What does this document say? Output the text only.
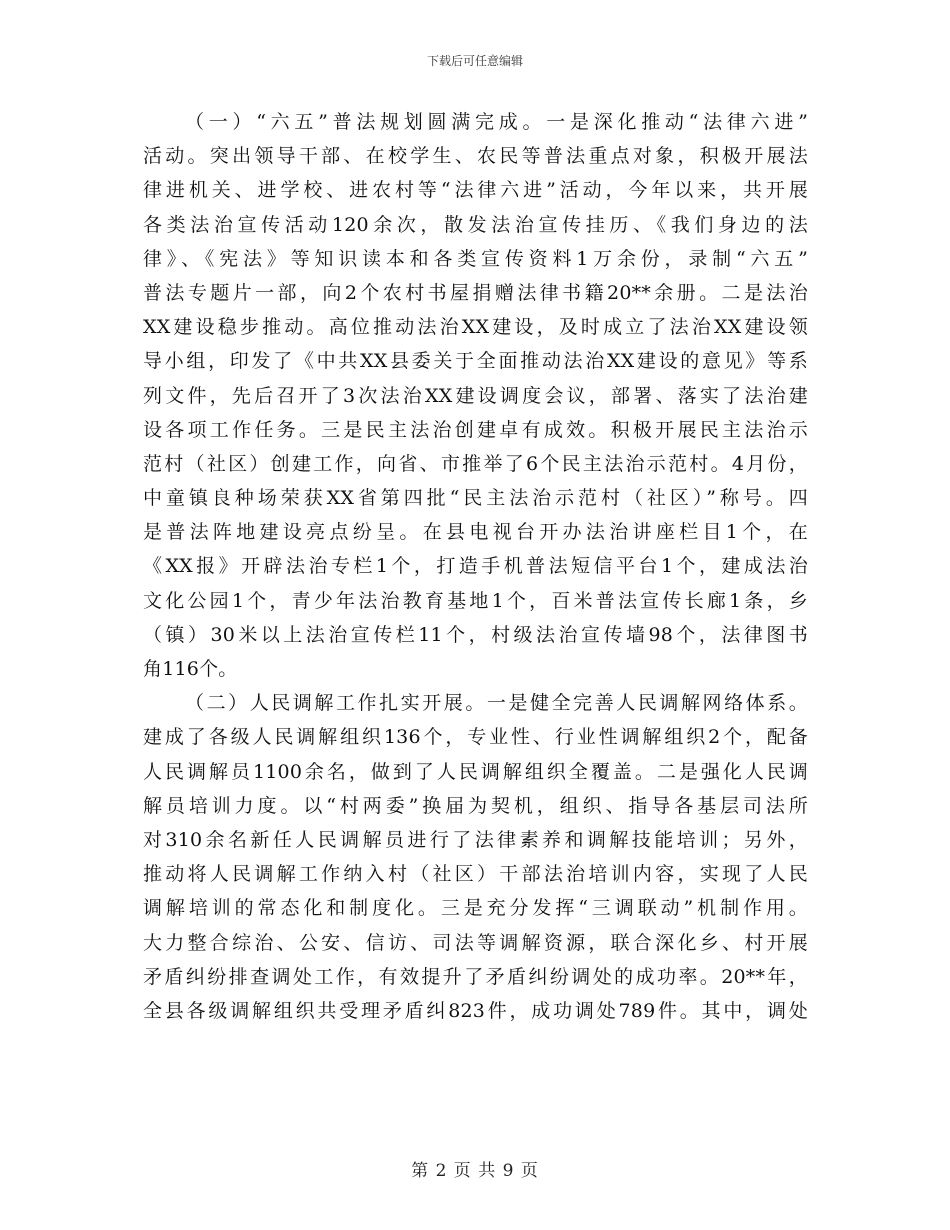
下载后可任意编辑
（一）“六五”普法规划圆满完成。一是深化推动“法律六进”
活动。突出领导干部、在校学生、农民等普法重点对象，积极开展法
律进机关、进学校、进农村等“法律六进”活动，今年以来，共开展
各类法治宣传活动120余次，散发法治宣传挂历、《我们身边的法
律》、《宪法》等知识读本和各类宣传资料1万余份，录制“六五”
普法专题片一部，向2个农村书屋捐赠法律书籍20**余册。二是法治
XX建设稳步推动。高位推动法治XX建设，及时成立了法治XX建设领
导小组，印发了《中共XX县委关于全面推动法治XX建设的意见》等系
列文件，先后召开了3次法治XX建设调度会议，部署、落实了法治建
设各项工作任务。三是民主法治创建卓有成效。积极开展民主法治示
范村（社区）创建工作，向省、市推举了6个民主法治示范村。4月份，
中童镇良种场荣获XX省第四批“民主法治示范村（社区）”称号。四
是普法阵地建设亮点纷呈。在县电视台开办法治讲座栏目1个，在
《XX报》开辟法治专栏1个，打造手机普法短信平台1个，建成法治
文化公园1个，青少年法治教育基地1个，百米普法宣传长廊1条，乡
（镇）30米以上法治宣传栏11个，村级法治宣传墙98个，法律图书
角116个。
（二）人民调解工作扎实开展。一是健全完善人民调解网络体系。
建成了各级人民调解组织136个，专业性、行业性调解组织2个，配备
人民调解员1100余名，做到了人民调解组织全覆盖。二是强化人民调
解员培训力度。以“村两委”换届为契机，组织、指导各基层司法所
对310余名新任人民调解员进行了法律素养和调解技能培训；另外，
推动将人民调解工作纳入村（社区）干部法治培训内容，实现了人民
调解培训的常态化和制度化。三是充分发挥“三调联动”机制作用。
大力整合综治、公安、信访、司法等调解资源，联合深化乡、村开展
矛盾纠纷排查调处工作，有效提升了矛盾纠纷调处的成功率。20**年，
全县各级调解组织共受理矛盾纠823件，成功调处789件。其中，调处
第 2 页 共 9 页
